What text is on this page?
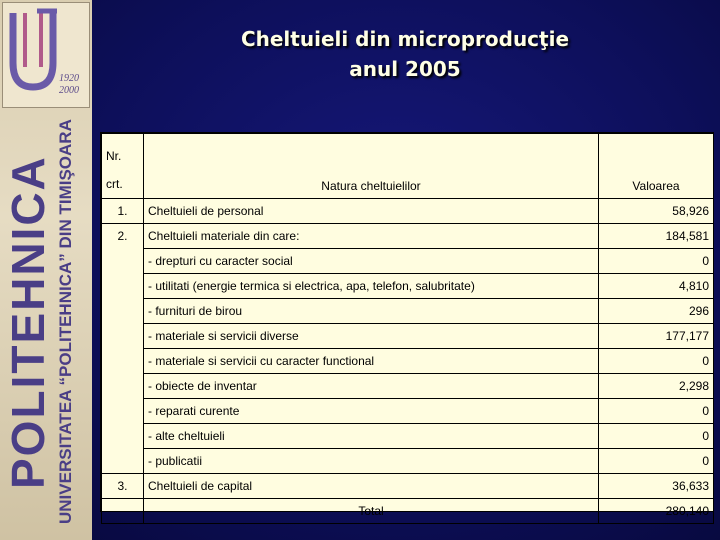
1920
2000
POLITEHNICA UNIVERSITATEA “POLITEHNICA” DIN TIMIŞOARA
Cheltuieli din microproducţie
anul 2005
Nr.
crt.	Natura cheltuielilor	Valoarea
1.	Cheltuieli de personal	58,926
2.	Cheltuieli materiale din care:	184,581
	- drepturi cu caracter social	0
	- utilitati (energie termica si electrica, apa, telefon, salubritate)	4,810
	- furnituri de birou	296
	- materiale si servicii diverse	177,177
	- materiale si servicii cu caracter functional	0
	- obiecte de inventar	2,298
	- reparati curente	0
	- alte cheltuieli	0
	- publicatii	0
3.	Cheltuieli de capital	36,633
	Total	280,140
